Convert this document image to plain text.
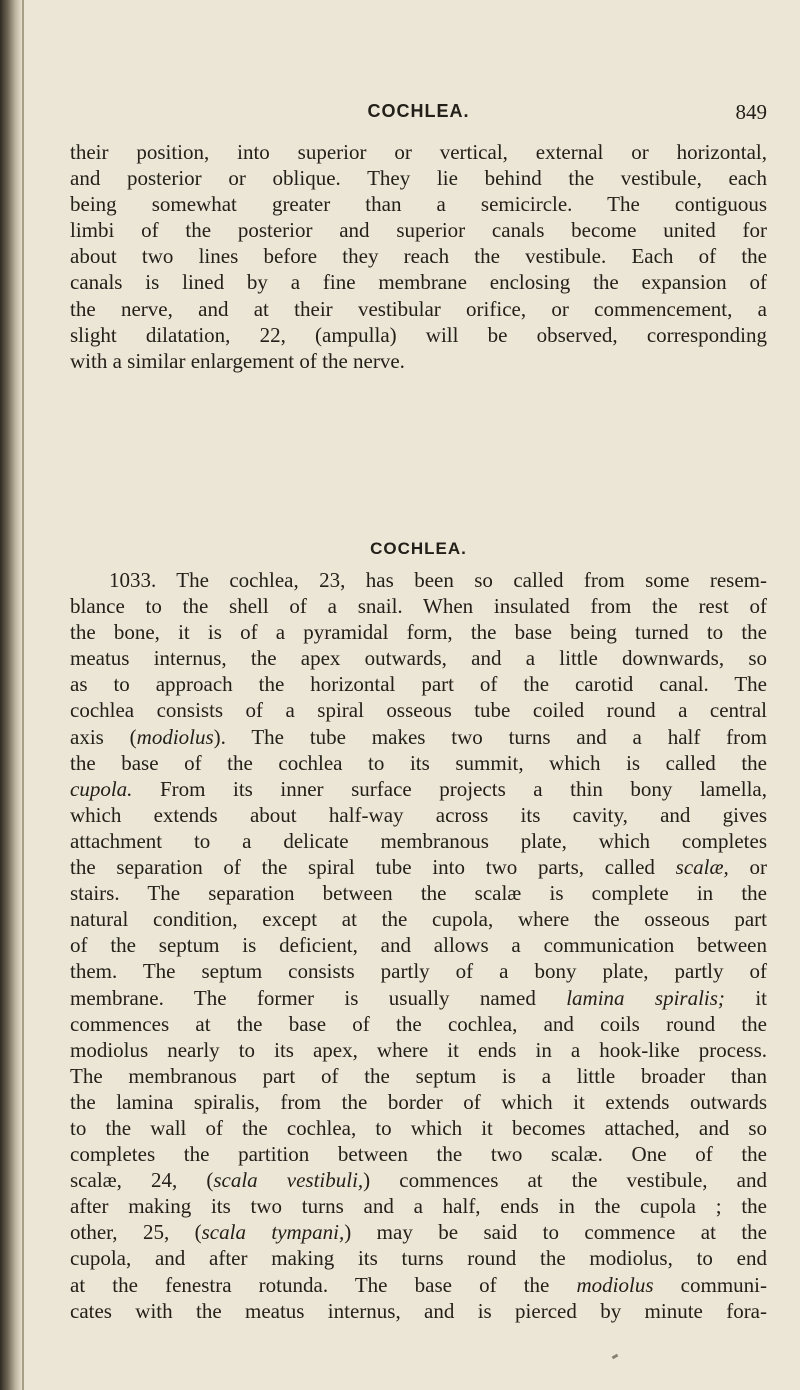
COCHLEA.	849
their position, into superior or vertical, external or horizontal,
and posterior or oblique. They lie behind the vestibule, each
being somewhat greater than a semicircle. The contiguous
limbi of the posterior and superior canals become united for
about two lines before they reach the vestibule. Each of the
canals is lined by a fine membrane enclosing the expansion of
the nerve, and at their vestibular orifice, or commencement, a
slight dilatation, 22, (ampulla) will be observed, corresponding
with a similar enlargement of the nerve.
COCHLEA.
1033. The cochlea, 23, has been so called from some resem-
blance to the shell of a snail. When insulated from the rest of
the bone, it is of a pyramidal form, the base being turned to the
meatus internus, the apex outwards, and a little downwards, so
as to approach the horizontal part of the carotid canal. The
cochlea consists of a spiral osseous tube coiled round a central
axis (modiolus). The tube makes two turns and a half from
the base of the cochlea to its summit, which is called the
cupola. From its inner surface projects a thin bony lamella,
which extends about half-way across its cavity, and gives
attachment to a delicate membranous plate, which completes
the separation of the spiral tube into two parts, called scalæ, or
stairs. The separation between the scalæ is complete in the
natural condition, except at the cupola, where the osseous part
of the septum is deficient, and allows a communication between
them. The septum consists partly of a bony plate, partly of
membrane. The former is usually named lamina spiralis; it
commences at the base of the cochlea, and coils round the
modiolus nearly to its apex, where it ends in a hook-like process.
The membranous part of the septum is a little broader than
the lamina spiralis, from the border of which it extends outwards
to the wall of the cochlea, to which it becomes attached, and so
completes the partition between the two scalæ. One of the
scalæ, 24, (scala vestibuli,) commences at the vestibule, and
after making its two turns and a half, ends in the cupola ; the
other, 25, (scala tympani,) may be said to commence at the
cupola, and after making its turns round the modiolus, to end
at the fenestra rotunda. The base of the modiolus communi-
cates with the meatus internus, and is pierced by minute fora-
